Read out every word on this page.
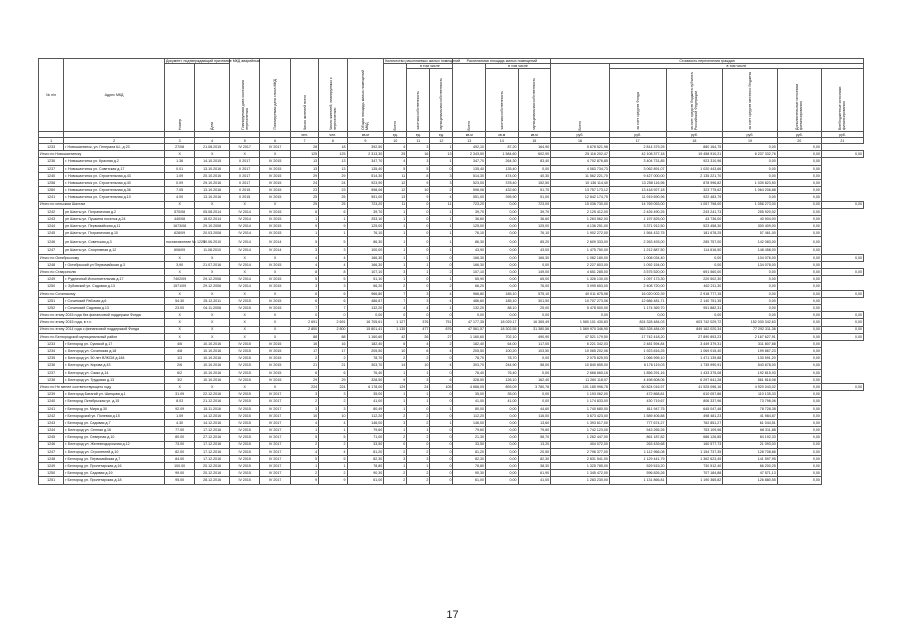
№ п/п	Адрес МКД	Документ, подтверждающий признание МКД аварийным		Планируемая дата окончания переселения	Планируемая дата сноса МКД	Число жителей всего	Число жителей, планируемых к переселению	Общая площадь жилых помещений МКД	Количество расселяемых жилых помещений			Расселяемая площадь жилых помещений			Стоимость переселения граждан					
		Номер	Дата						Всего	в том числе		Всего	в том числе		Всего	в том числе				
										частная собственность	муниципальная собственность		частная собственность	муниципальная собственность		за счет средств Фонда	за счет средств бюджета субъекта Российской Федерации	за счет средств местного бюджета	Дополнительные источники финансирования	Внебюджетные источники финансирования
						чел.	чел.	кв.м	ед.	ед.	ед.	кв.м	кв.м	кв.м	руб.	руб.	руб.	руб.	руб.	руб.
1	2	3	4	5	6	7	8	9	10	11	12	13	14	15	16	17	18	19	20	21
1233	г Новошахтинск, ул. Генерала Ш., д 23	27/08	21.08.2015	IV 2017	IV 2017	28	18	392,50	4	3	1	492,10	87,20	164,90	5 678 521,98	2 814 379,25	880 164,75	0,00	0,00	
Итого по Новошахтинску		X	X	X	X	125	125	2 313,30	25	16	13	2 343,50	1 584,60	602,90	25 116 202,47	42 108 377,18	19 458 910,21	6 237 332,76	0,00	0,00
1236	г. Новошахтинск ул. Красная д.2	1.36	14.10.2015	II 2017	IV 2015	13	13	347,70	4	3	1	347,70	264,30	83,40	4 702 876,85	3 404 731,85	923 310,96	0,00	0,00	
1237	г. Новошахтинск ул. Советская д.17	0.01	13.10.2016	II 2017	IV 2015	13	13	135,40	5	5	0	135,40	135,40	0,00	4 083 734,73	3 062 891,07	1 020 443,66	0,00	0,00	
1240	г. Новошахтинск ул. Строительная д.43	1.09	20.10.2016	II 2017	IV 2015	29	29	514,30	11	8	3	514,30	474,00	40,30	11 562 221,70	9 427 000,00	2 135 221,70	0,00	0,00	
1258	г. Новошахтинск ул. Строительная д.40	0.09	29.10.2016	II 2017	IV 2015	24	24	923,90	12	9	3	523,00	378,40	152,50	10 136 114,40	13 258 116,96	878 996,82	1 039 823,50	0,00	
1260	г. Новошахтинск ул. Строительная д.36	7.05	13.10.2016	II 2015	IV 2015	23	23	598,06	12	10	2	598,06	432,60	51,70	13 757 173,12	13 418 927,18	323 775,62	1 064 206,88	0,00	
1241	г. Новошахтинск ул. Строительная д.10	4.00	13.10.2016	II 2015	IV 2015	25	25	551,00	13	9	4	551,00	395,90	51,00	12 842 174,75	11 919 690,96	922 483,79	0,00	0,00	
Итого по сельским Шахтам		X	X	X	X	25	25	723,20	11	0	11	723,20	0,00	723,00	15 036 730,00	14 769 053,00	1 057 798,00	1 056 273,00	0,00	0,00
1242	рп Шахты ул. Пограничная д.2	570/08	05.08.2014	IV 2014	IV 2015	6	6	39,70	1	0	1	39,70	0,00	39,70	2 125 412,00	2 426 490,25	243 241,73	255 920,02	0,00	
1243	рп Шахты ул. Пушкина поселок д.24	440/08	15.02.2014	IV 2014	IV 2015	1	1	253,10	1	0	1	36,60	0,00	36,60	1 263 562,00	1 197 825,00	43 736,00	40 904,00	0,00	
1244	рп Шахты ул. Первомайская д.11	1673/08	29.10.2008	IV 2014	IV 2015	9	9	125,00	1	0	1	125,00	0,00	125,00	4 136 251,00	3 371 912,50	523 458,30	300 409,00	0,00	
1245	рп Шахты ул. Пограничная д.10	628/09	20.03.2008	IV 2014	IV 2015	1	1	76,10	1	0	1	76,10	0,00	76,10	1 902 272,00	1 564 432,75	181 678,25	57 461,00	0,00	
1246	рп Шахты ул. Советская д.3	постановление № 1229	30.06.2010	IV 2014	IV 2014	5	5	86,30	1	0	1	86,30	0,00	85,20	2 609 333,00	2 263 493,00	285 757,00	142 083,00	0,00	
1247	рп Шахты ул. Спортивная д.12	606/09	11.08.2010	IV 2014	IV 2014	3	3	100,00	1	0	1	43,90	0,00	43,00	1 475 750,00	1 212 887,50	114 616,50	148 458,00	0,00	
Итого по Октябрьскому		X	X	X	X	4	4	166,30	1	1	0	166,30	0,00	166,30	1 082 180,00	1 008 034,40	0,00	104 076,00	0,00	0,00
1248	г Октябрьский ул Первомайская д.3	3,90	21.07.2016	IV 2014	IV 2015	4	4	166,30	1	1	0	166,30	0,00	0,00	2 227 803,00	1 092 154,00	0,00	134 078,00	0,00	
Итого по Ставрополю		X	X	X	X	8	8	107,10	3	1	2	107,10	0,00	149,00	4 651 285,00	3 575 520,00	691 560,00	0,00	0,00	0,00
1249	г. Рудничный Исполнительная д.17	7402/09	29.12.2006	IV 2014	IV 2015	5	5	51,10	1	0	1	65,90	0,00	65,00	1 326 130,00	1 097 173,30	220 502,30	0,00	0,00	
1250	г. Зубовский ул. Садовая д.13	1571/09	29.12.2006	IV 2014	IV 2015	3	3	66,20	2	0	2	66,20	0,00	76,00	3 095 653,00	2 408 720,00	462 211,30	0,00	0,00	
Итого по Сочинскому		X	X	X	X	6	6	966,80	7	3	4	966,80	185,10	575,10	40 011 875,98	16 020 002,39	2 918 777,15	0,00	0,00	0,00
1251	г Сочинский Рабочая д.6	54.30	25.12.2011	IV 2015	IV 2015	6	6	486,87	7	3	4	486,60	185,10	301,50	10 707 273,06	12 686 481,71	2 140 751,35	0,00	0,00	
1252	г Сочинский Садовая д.13	23.00	04.11.2008	IV 2015	IV 2015	7	7	132,20	4	4	1	132,20	88,10	25,00	5 478 500,00	1 174 369,70	951 882,31	0,00	0,00	
Итого по этапу 2015 года без финансовой поддержки Фонда		X	X	X	X	0	0	0,00	0	0	0	0,00	0,00	0,00	0,00	0,00	0,00	0,00	0,00	0,00
Итого по этапу 2015 года, в т.ч.		X	X	X	X	2 691	2 691	16 705,61	1 127	376	751	47 177,35	18 029,17	16 365,49	1 580 101 430,83	824 328 484,03	603 742 029,72	152 030 342,63	0,00	0,00
Итого по этапу 2014 года с финансовой поддержкой Фонда		X	X	X	X	2 800	2 800	15 801,41	1 135	477	876	47 561,57	18 302,55	31 380,56	1 569 970 346,90	563 328 484,09	849 162 020,34	77 292 311,36	0,00	0,00
Итого по Белгородской муниципальный район		X	X	X	X	88	88	1 160,60	42	26	27	1 160,60	702,10	490,90	47 521 179,50	17 742 418,20	27 890 893,23	2 167 627,91	0,00	0,00
1233	г Белгород ул. Сумской д.17	4/6	10.10.2016	IV 2015	IV 2015	16	16	182,40	6	4	2	182,40	64,00	117,00	6 221 342,03	2 481 594,84	3 449 379,31	311 807,88	0,00	
1234	г. Белгород ул. Сочинская д.18	4/8	10.10.2016	IV 2015	IV 2015	17	17	205,50	10	6	4	205,50	100,20	103,50	10 065 202,06	1 923 816,25	1 069 015,40	199 867,23	0,00	
1235	г. Белгород ул. 50 лет ВЛКСМ д.184	1/3	10.10.2016	IV 2015	IV 2015	2	2	78,70	2	2	0	78,70	78,70	0,00	2 075 625,93	1 066 995,10	1 471 139,88	130 591,20	0,00	
1236	г. Белгород ул. Кирова д.43	2/6	10.10.2016	IV 2015	IV 2015	21	21	303,70	14	10	4	303,70	244,90	58,00	10 840 655,00	6 176 119,03	1 735 990,91	543 678,00	0,00	
1237	г. Белгород ул. Сакко д.14	6/2	10.10.2016	IV 2015	IV 2015	6	6	76,40	1	1	0	76,40	76,40	0,00	2 668 660,16	1 856 291,16	1 433 375,08	192 815,93	0,00	
1238	г. Белгород ул. Трудовая д.13	3/2	10.10.2016	IV 2015	IV 2015	29	29	328,50	9	3	6	328,50	126,10	162,40	11 260 118,07	4 498 608,06	6 297 641,28	561 816,08	0,00	
Итого по Не менее соответствующего году		X	X	X	X	224	224	6 178,00	129	24	105	4 666,05	893,09	3 780,78	101 185 996,78	60 824 016,97	41 525 096,16	4 920 043,02	0,00	0,00
1239	г. Белгород Батагай ул. Шипцова д.1	31.09	22.12.2016	IV 2015	IV 2017	3	3	35,00	1	1	0	35,00	35,00	0,00	1 193 062,00	472 868,81	610 057,86	110 135,33	0,00	
1240	г Белгород Октябрьская ул. д.15	8.03	21.12.2016	IV 2015	IV 2017	2	2	41,00	1	1	0	41,00	41,00	0,00	1 174 833,00	430 719,67	806 337,96	73 796,06	0,00	
1241	г Белгород ул. Мира д.30	92.09	15.11.2016	IV 2015	IV 2017	3	3	80,49	1	0	1	80,00	0,00	44,60	1 740 680,00	811 947,75	645 047,48	78 728,38	0,00	
1242	г Белгородский ул. Полевая д.15	1.09	14.12.2016	IV 2015	IV 2017	10	10	112,20	2	2	0	112,20	0,00	116,00	3 673 423,00	1 589 406,88	498 481,23	41 984,87	0,00	
1243	г Белгород ул. Садовая д.7	4.30	14.12.2016	IV 2015	IV 2017	4	4	146,00	3	2	1	146,00	0,00	13,60	1 393 617,00	777 674,27	762 851,27	61 044,51	0,00	
1244	г. Белгород ул. Сенная д.16	77.00	17.12.2016	IV 2015	IV 2017	1	1	79,60	1	1	0	79,60	0,00	79,60	1 742 123,00	543 265,26	753 109,56	68 311,88	0,00	
1245	г Белгород ул. Северная д.10	80.00	27.12.2016	IV 2015	IV 2017	5	5	71,00	2	2	0	21,30	0,00	58,70	1 262 447,00	861 187,82	686 126,85	84 192,33	0,00	
1246	г. Белгород ул. Железнодорожная д.12	73.00	17.12.2016	IV 2015	IV 2017	2	2	33,50	0	0	0	33,50	0,00	13,20	404 072,00	263 439,68	160 577,73	21 093,00	0,00	
1247	г. Белгород ул. Строителей д.10	82.00	17.12.2016	IV 2015	IV 2017	4	4	81,20	2	2	0	81,20	0,00	20,50	2 796 377,00	1 112 966,08	1 154 737,35	128 708,66	0,00	
1248	г Белгород ул. Первомайская д.7	84.00	17.12.2016	IV 2015	IV 2017	5	5	82,30	3	3	0	82,30	0,00	82,30	2 831 541,00	1 129 441,79	1 362 623,45	141 597,95	0,00	
1249	г Белгород ул. Пролетарская д.16	100.00	20.12.2016	IV 2015	IV 2017	1	1	78,80	1	1	0	78,80	0,00	38,30	1 325 785,00	529 515,20	730 512,40	66 200,25	0,00	
1250	г Белгород ул. Садовая д.19	99.00	20.12.2016	IV 2015	IV 2017	2	2	90,30	2	2	0	90,30	0,00	61,90	1 345 472,00	596 826,26	707 184,88	47 571,13	0,00	
1251	г Белгород ул. Пролетарская д.18	95.00	28.12.2016	IV 2015	IV 2017	9	9	61,00	2	2	0	61,00	0,00	41,00	1 283 230,00	1 131 866,81	1 190 365,82	126 880,55	0,00	
17
